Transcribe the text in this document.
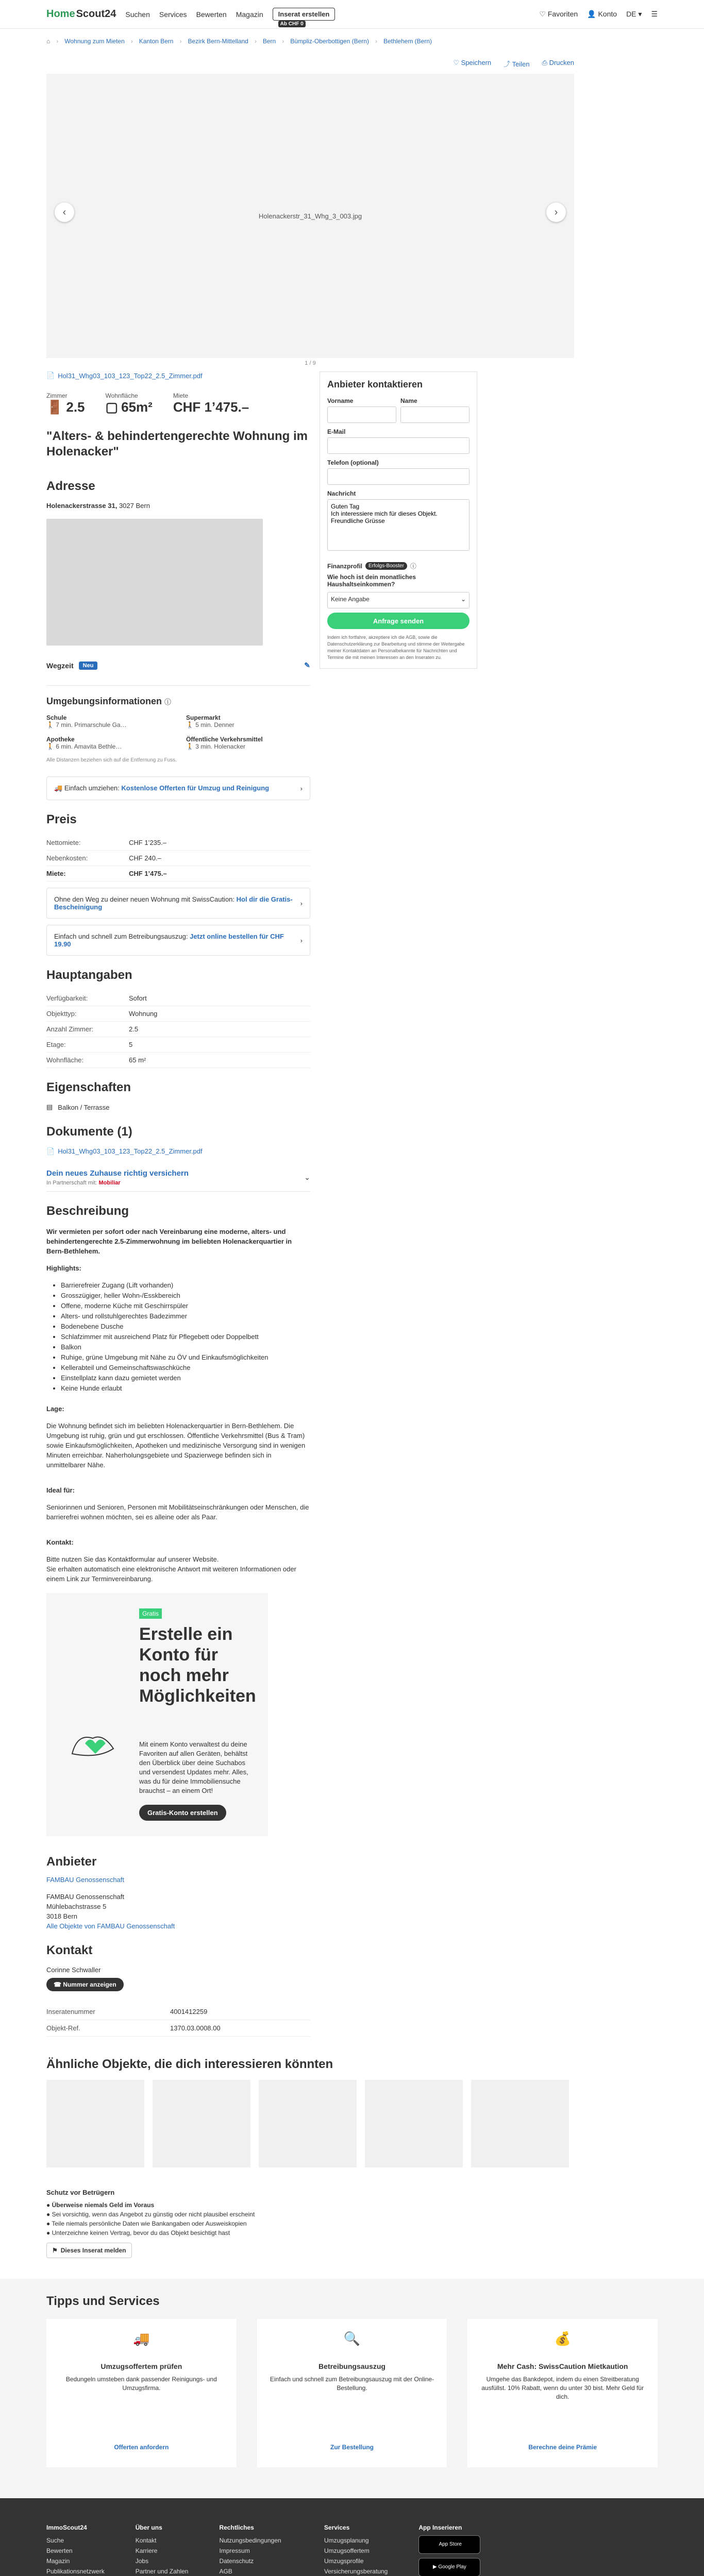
Home Scout24 Suchen Services Bewerten Magazin	Inserat erstellen
Ab CHF 0
♡ Favoriten 👤 Konto DE ▾ ☰
⌂ › Wohnung zum Mieten › Kanton Bern › Bezirk Bern-Mittelland › Bern › Bümpliz-Oberbottigen (Bern) › Bethlehem (Bern)
♡ Speichern ⤴ Teilen ⎙ Drucken
‹	Holenackerstr_31_Whg_3_003.jpg	›
1 / 9
📄 Hol31_Whg03_103_123_Top22_2.5_Zimmer.pdf
Zimmer
🚪 2.5
Wohnfläche
▢ 65m²
Miete
CHF 1’475.–
"Alters- & behindertengerechte Wohnung im Holenacker"
Adresse
Holenackerstrasse 31, 3027 Bern
Wegzeit	Neu	✎
Umgebungsinformationen ⓘ
Schule
🚶 7 min. Primarschule Ga…
Supermarkt
🚶 5 min. Denner
Apotheke
🚶 6 min. Amavita Bethle…
Öffentliche Verkehrsmittel
🚶 3 min. Holenacker
Alle Distanzen beziehen sich auf die Entfernung zu Fuss.
🚚 Einfach umziehen: Kostenlose Offerten für Umzug und Reinigung	›
Preis
Nettomiete:	CHF 1’235.–
Nebenkosten:	CHF 240.–
Miete:	CHF 1’475.–
Ohne den Weg zu deiner neuen Wohnung mit SwissCaution: Hol dir die Gratis-Bescheinigung	›
Einfach und schnell zum Betreibungsauszug: Jetzt online bestellen für CHF 19.90	›
Hauptangaben
Verfügbarkeit:	Sofort
Objekttyp:	Wohnung
Anzahl Zimmer:	2.5
Etage:	5
Wohnfläche:	65 m²
Eigenschaften
▤ Balkon / Terrasse
Dokumente (1)
📄 Hol31_Whg03_103_123_Top22_2.5_Zimmer.pdf
Dein neues Zuhause richtig versichern
In Partnerschaft mit: Mobiliar
⌄
Beschreibung

Wir vermieten per sofort oder nach Vereinbarung eine moderne, alters- und behindertengerechte 2.5-Zimmerwohnung im beliebten Holenackerquartier in Bern-Bethlehem.

Highlights:

• Barrierefreier Zugang (Lift vorhanden)
• Grosszügiger, heller Wohn-/Esskbereich
• Offene, moderne Küche mit Geschirrspüler
• Alters- und rollstuhlgerechtes Badezimmer
• Bodenebene Dusche
• Schlafzimmer mit ausreichend Platz für Pflegebett oder Doppelbett
• Balkon
• Ruhige, grüne Umgebung mit Nähe zu ÖV und Einkaufsmöglichkeiten
• Kellerabteil und Gemeinschaftswaschküche
• Einstellplatz kann dazu gemietet werden
• Keine Hunde erlaubt

Lage:

Die Wohnung befindet sich im beliebten Holenackerquartier in Bern-Bethlehem. Die Umgebung ist ruhig, grün und gut erschlossen. Öffentliche Verkehrsmittel (Bus & Tram) sowie Einkaufsmöglichkeiten, Apotheken und medizinische Versorgung sind in wenigen Minuten erreichbar. Naherholungsgebiete und Spazierwege befinden sich in unmittelbarer Nähe.

Ideal für:

Seniorinnen und Senioren, Personen mit Mobilitätseinschränkungen oder Menschen, die barrierefrei wohnen möchten, sei es alleine oder als Paar.

Kontakt:

Bitte nutzen Sie das Kontaktformular auf unserer Website.
Sie erhalten automatisch eine elektronische Antwort mit weiteren Informationen oder einem Link zur Terminvereinbarung.

Gratis
Erstelle ein Konto für noch mehr Möglichkeiten
Mit einem Konto verwaltest du deine Favoriten auf allen Geräten, behältst den Überblick über deine Suchabos und versendest Updates mehr. Alles, was du für deine Immobiliensuche brauchst – an einem Ort!
Gratis-Konto erstellen
Anbieter
FAMBAU Genossenschaft
FAMBAU Genossenschaft
Mühlebachstrasse 5
3018 Bern
Alle Objekte von FAMBAU Genossenschaft
Kontakt
Corinne Schwaller
☎ Nummer anzeigen
Inseratenummer	4001412259
Objekt-Ref.	1370.03.0008.00
Anbieter kontaktieren
Vorname	Name
E-Mail
Telefon (optional)
Nachricht
Guten Tag Ich interessiere mich für dieses Objekt. Freundliche Grüsse
Finanzprofil	Erfolgs-Booster	ⓘ
Wie hoch ist dein monatliches Haushaltseinkommen?
Keine Angabe	⌄
Anfrage senden
Indem ich fortfahre, akzeptiere ich die AGB, sowie die Datenschutzerklärung zur Bearbeitung und stimme der Weitergabe meiner Kontaktdaten an Personalbekannte für Nachrichten und Termine die mit meinen Interessen an den Inseraten zu.
Ähnliche Objekte, die dich interessieren könnten
Schutz vor Betrügern
● Überweise niemals Geld im Voraus
● Sei vorsichtig, wenn das Angebot zu günstig oder nicht plausibel erscheint
● Teile niemals persönliche Daten wie Bankangaben oder Ausweiskopien
● Unterzeichne keinen Vertrag, bevor du das Objekt besichtigt hast
⚑ Dieses Inserat melden
Tipps und Services
🚚
Umzugsoffertem prüfen
Bedungeln umsteben dank passender Reinigungs- und Umzugsfirma.
Offerten anfordern
🔍
Betreibungsauszug
Einfach und schnell zum Betreibungsauszug mit der Online-Bestellung.
Zur Bestellung
💰
Mehr Cash: SwissCaution Mietkaution
Umgehe das Bankdepot, indem du einen Streitberatung ausfüllst. 10% Rabatt, wenn du unter 30 bist. Mehr Geld für dich.
Berechne deine Prämie
ImmoScout24
Suche
Bewerten
Magazin
Publikationsnetzwerk
Über uns
Kontakt
Karriere
Jobs
Partner und Zahlen
Rechtliches
Nutzungsbedingungen
Impressum
Datenschutz
AGB
Services
Umzugsplanung
Umzugsoffertem
Umzugsprofile
Versicherungsberatung
App Inserieren

App Store
▶
Google Play
